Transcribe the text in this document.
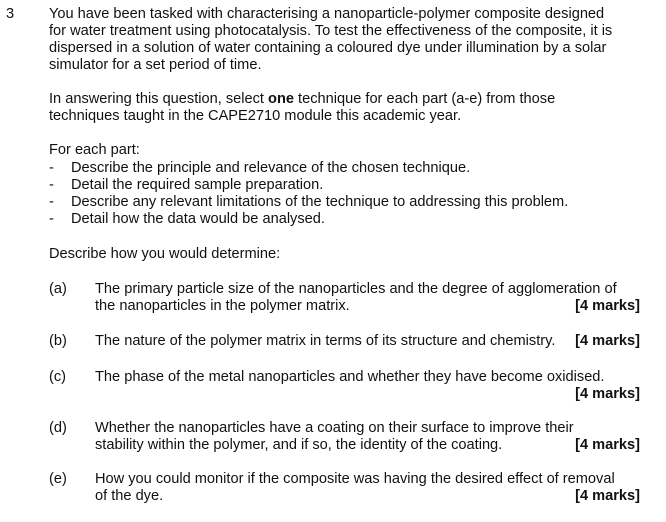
3 You have been tasked with characterising a nanoparticle-polymer composite designed
for water treatment using photocatalysis. To test the effectiveness of the composite, it is
dispersed in a solution of water containing a coloured dye under illumination by a solar
simulator for a set period of time.
In answering this question, select one technique for each part (a-e) from those
techniques taught in the CAPE2710 module this academic year.
For each part:
- Describe the principle and relevance of the chosen technique.
- Detail the required sample preparation.
- Describe any relevant limitations of the technique to addressing this problem.
- Detail how the data would be analysed.
Describe how you would determine:
(a) The primary particle size of the nanoparticles and the degree of agglomeration of
the nanoparticles in the polymer matrix.	[4 marks]
(b) The nature of the polymer matrix in terms of its structure and chemistry. [4 marks]
(c) The phase of the metal nanoparticles and whether they have become oxidised.
[4 marks]
(d) Whether the nanoparticles have a coating on their surface to improve their
stability within the polymer, and if so, the identity of the coating.	[4 marks]
(e) How you could monitor if the composite was having the desired effect of removal
of the dye.	[4 marks]
